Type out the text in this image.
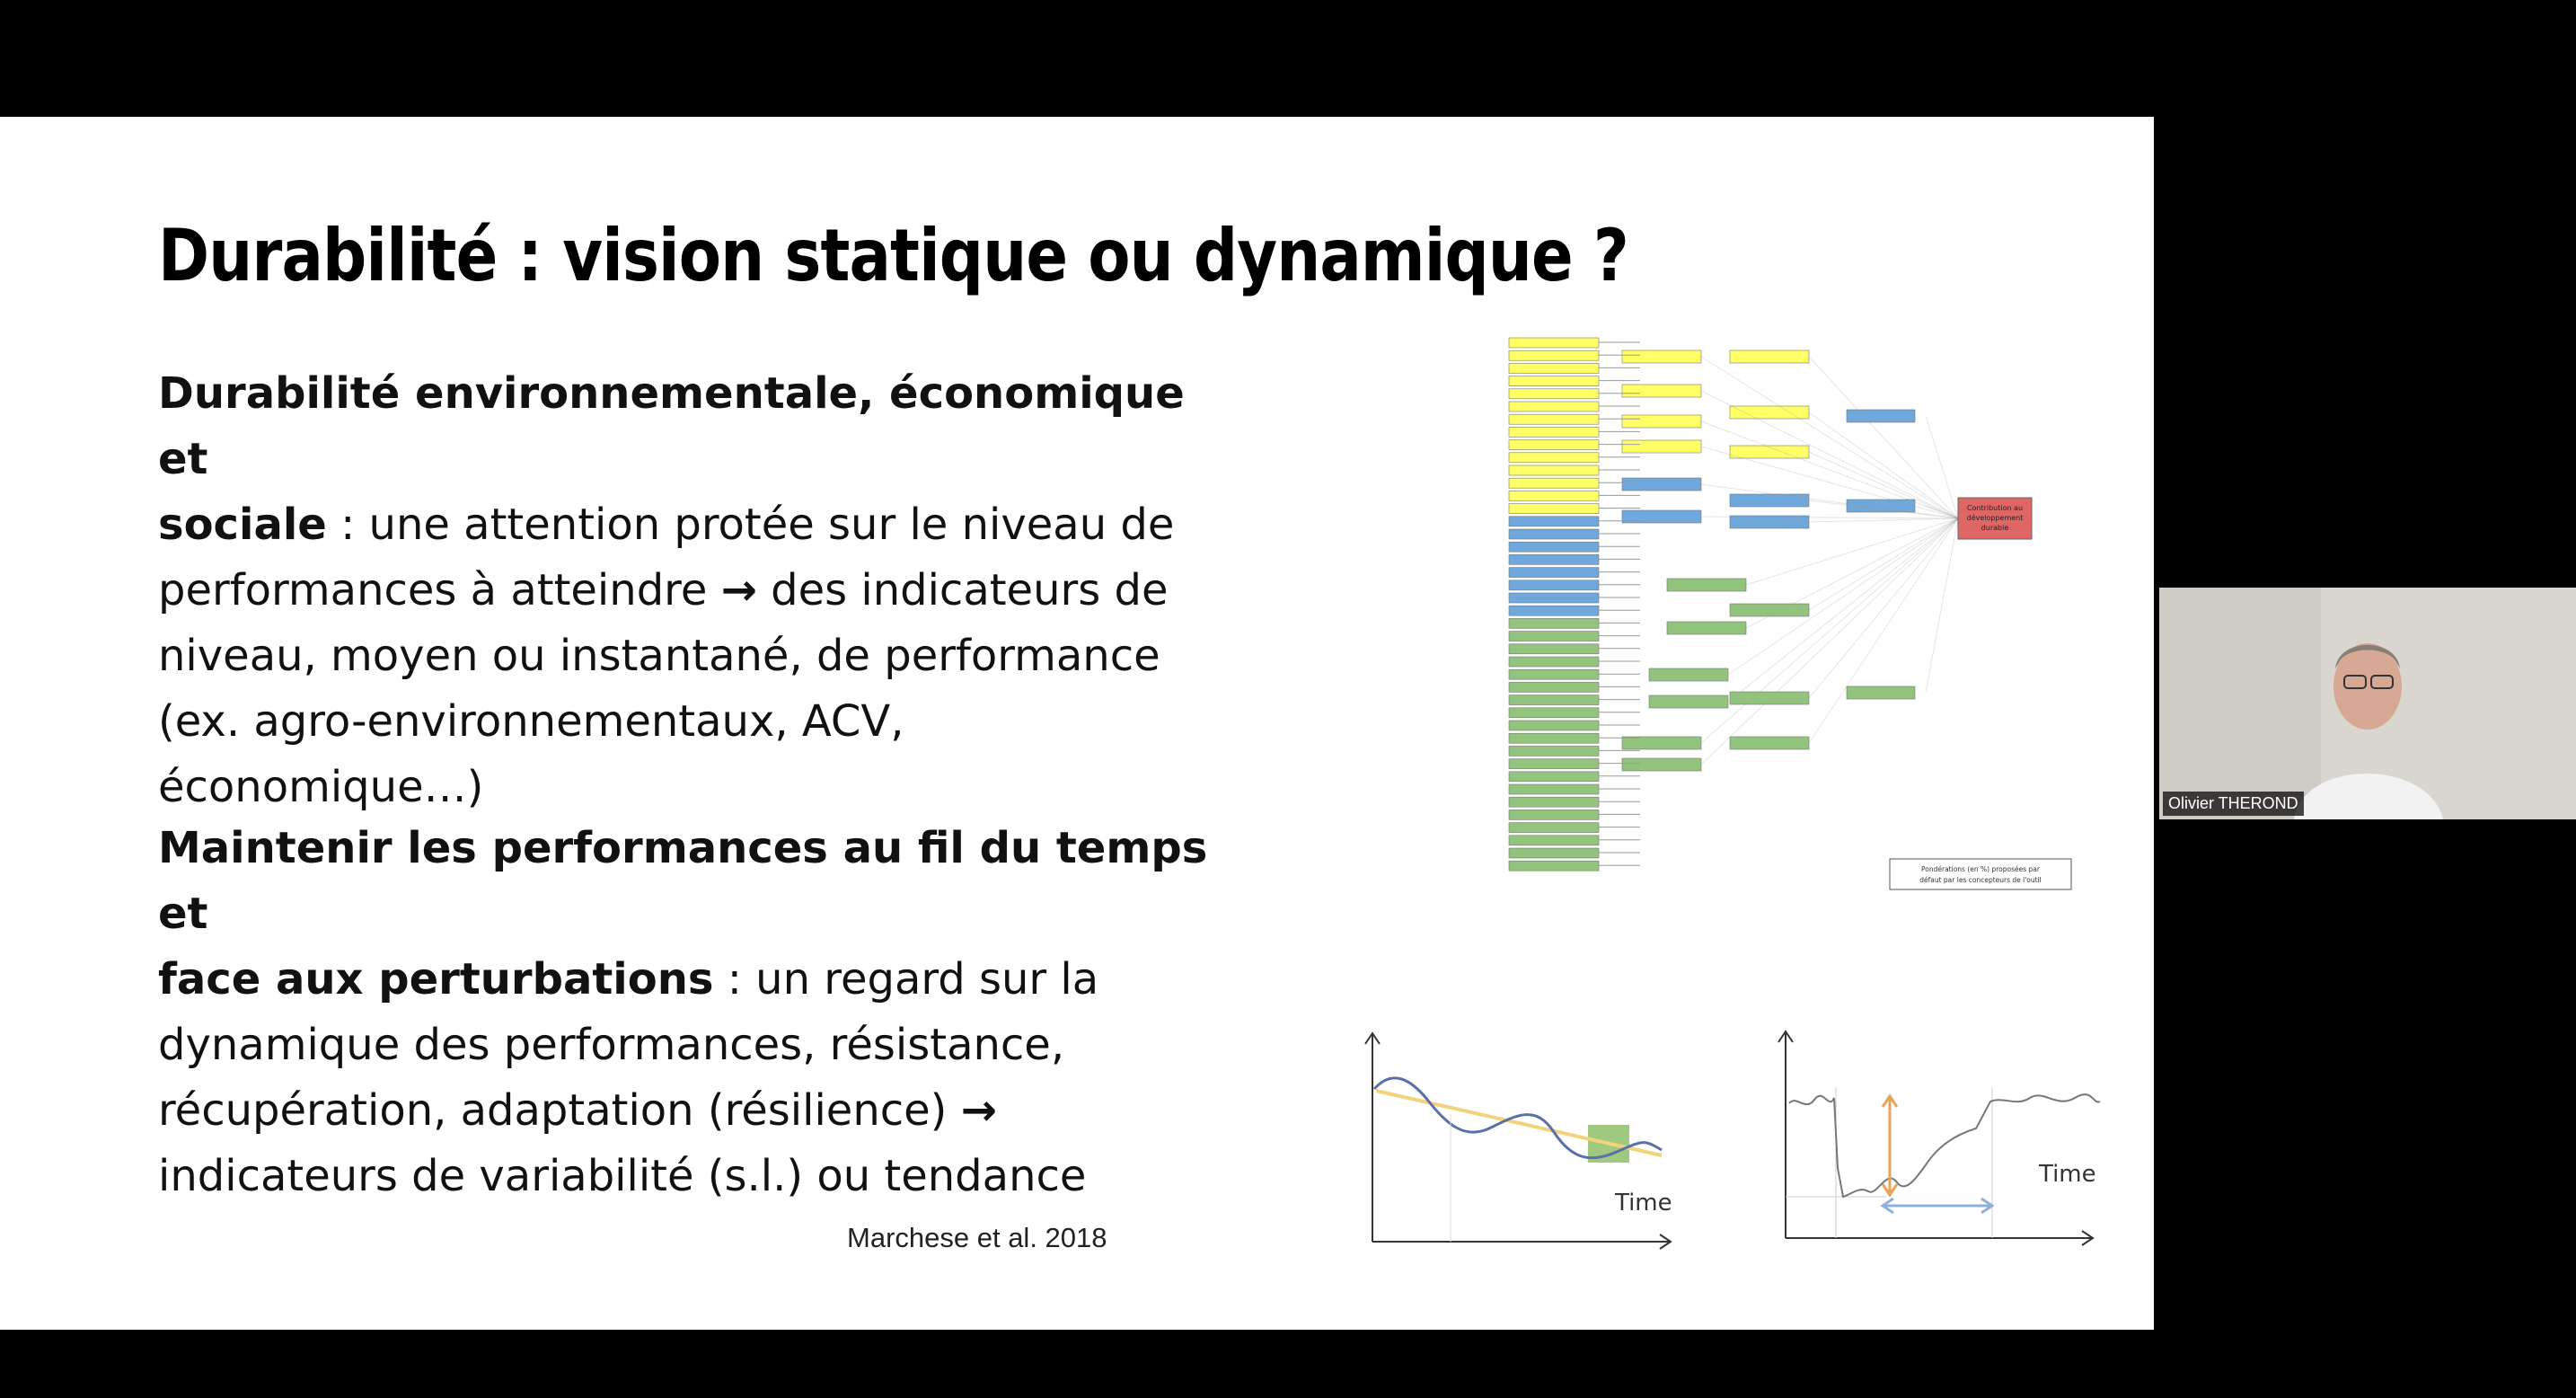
Durabilité : vision statique ou dynamique ?
Durabilité environnementale, économique et
sociale : une attention protée sur le niveau de
performances à atteindre → des indicateurs de
niveau, moyen ou instantané, de performance
(ex. agro-environnementaux, ACV,
économique…)
Maintenir les performances au fil du temps et
face aux perturbations : un regard sur la
dynamique des performances, résistance,
récupération, adaptation (résilience) →
indicateurs de variabilité (s.l.) ou tendance
Marchese et al. 2018
Contribution au
développement
durable
Pondérations (en %) proposées par
défaut par les concepteurs de l'outil
Time
Time
Olivier THEROND
